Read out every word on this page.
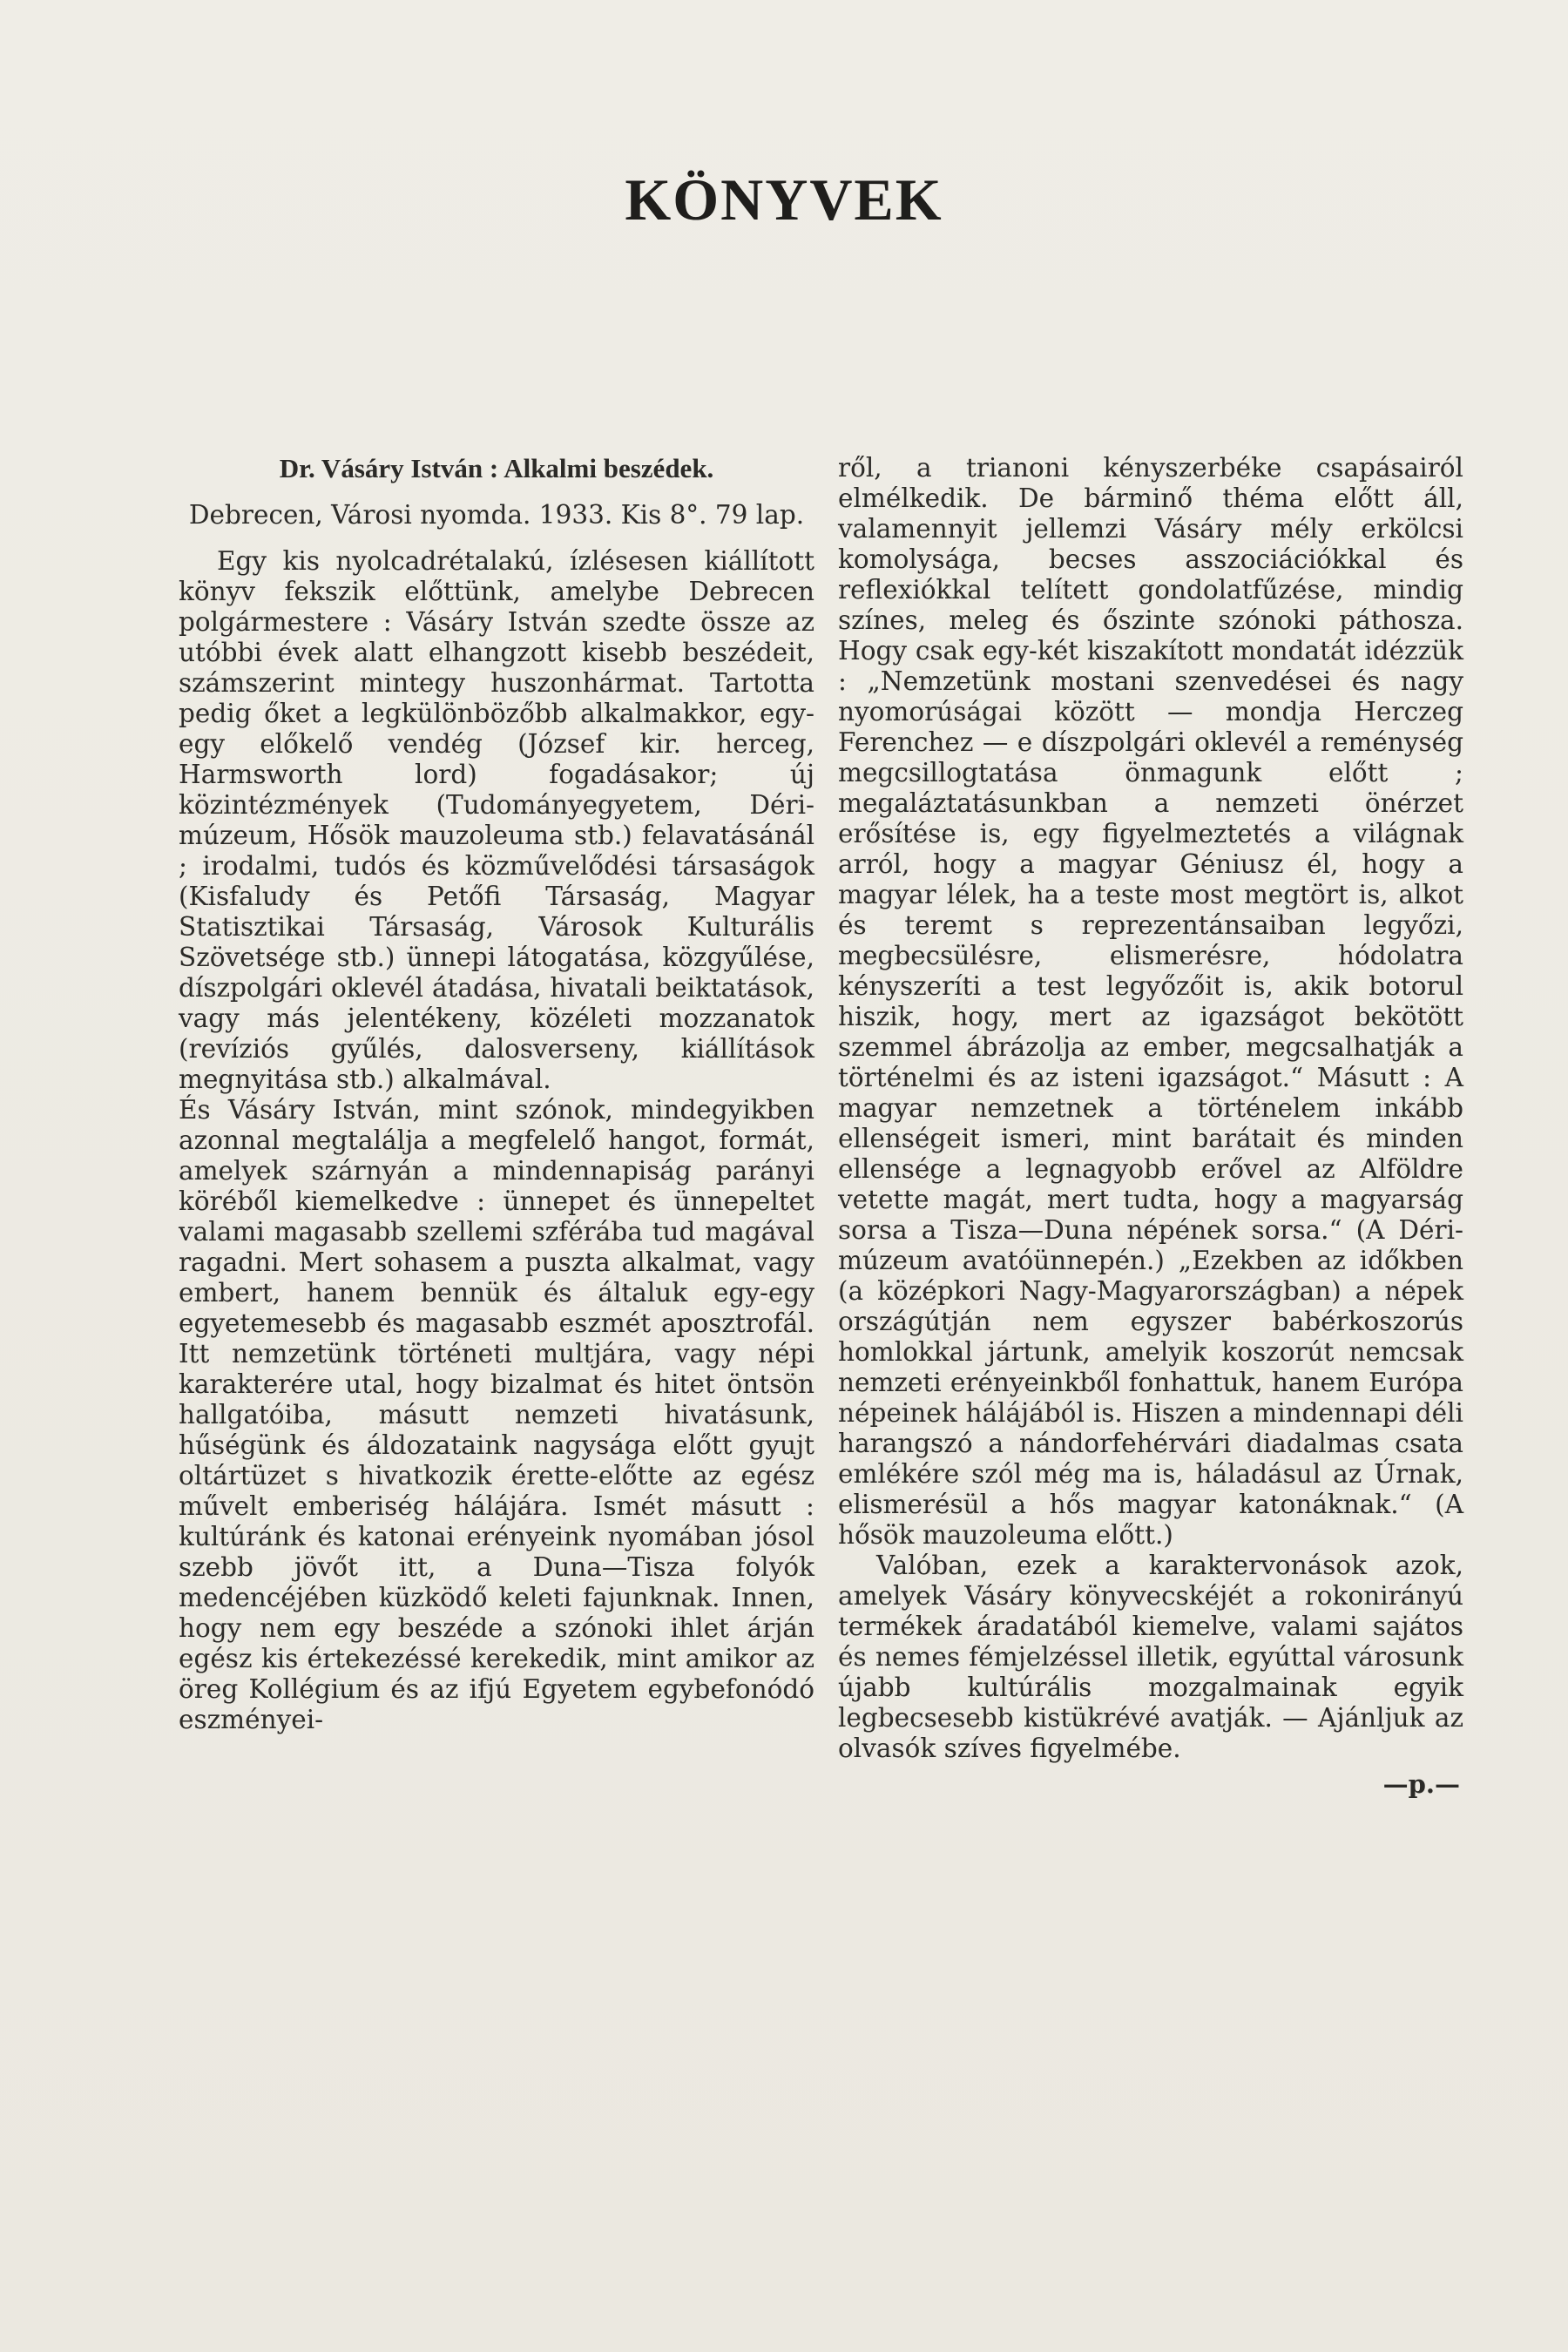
KÖNYVEK
Dr. Vásáry István : Alkalmi beszédek.
Debrecen, Városi nyomda. 1933. Kis 8°. 79 lap.

Egy kis nyolcadrétalakú, ízlésesen kiállított könyv fekszik előttünk, amelybe Debrecen polgármestere : Vásáry István szedte össze az utóbbi évek alatt elhangzott kisebb beszédeit, számszerint mintegy huszonhármat. Tartotta pedig őket a legkülönbözőbb alkalmakkor, egy-egy előkelő vendég (József kir. herceg, Harmsworth lord) fogadásakor; új közintézmények (Tudományegyetem, Déri-múzeum, Hősök mauzoleuma stb.) felavatásánál ; irodalmi, tudós és közművelődési társaságok (Kisfaludy és Petőfi Társaság, Magyar Statisztikai Társaság, Városok Kulturális Szövetsége stb.) ünnepi látogatása, közgyűlése, díszpolgári oklevél átadása, hivatali beiktatások, vagy más jelentékeny, közéleti mozzanatok (revíziós gyűlés, dalosverseny, kiállítások megnyitása stb.) alkalmával.

És Vásáry István, mint szónok, mindegyikben azonnal megtalálja a megfelelő hangot, formát, amelyek szárnyán a mindennapiság parányi köréből kiemelkedve : ünnepet és ünnepeltet valami magasabb szellemi szférába tud magával ragadni. Mert sohasem a puszta alkalmat, vagy embert, hanem bennük és általuk egy-egy egyetemesebb és magasabb eszmét aposztrofál. Itt nemzetünk történeti multjára, vagy népi karakterére utal, hogy bizalmat és hitet öntsön hallgatóiba, másutt nemzeti hivatásunk, hűségünk és áldozataink nagysága előtt gyujt oltártüzet s hivatkozik érette-előtte az egész művelt emberiség hálájára. Ismét másutt : kultúránk és katonai erényeink nyomában jósol szebb jövőt itt, a Duna—Tisza folyók medencéjében küzködő keleti fajunknak. Innen, hogy nem egy beszéde a szónoki ihlet árján egész kis értekezéssé kerekedik, mint amikor az öreg Kollégium és az ifjú Egyetem egybefonódó eszményei-

ről, a trianoni kényszerbéke csapásairól elmélkedik. De bárminő théma előtt áll, valamennyit jellemzi Vásáry mély erkölcsi komolysága, becses asszociációkkal és reflexiókkal telített gondolatfűzése, mindig színes, meleg és őszinte szónoki páthosza. Hogy csak egy-két kiszakított mondatát idézzük : „Nemzetünk mostani szenvedései és nagy nyomorúságai között — mondja Herczeg Ferenchez — e díszpolgári oklevél a reménység megcsillogtatása önmagunk előtt ; megaláztatásunkban a nemzeti önérzet erősítése is, egy figyelmeztetés a világnak arról, hogy a magyar Géniusz él, hogy a magyar lélek, ha a teste most megtört is, alkot és teremt s reprezentánsaiban legyőzi, megbecsülésre, elismerésre, hódolatra kényszeríti a test legyőzőit is, akik botorul hiszik, hogy, mert az igazságot bekötött szemmel ábrázolja az ember, megcsalhatják a történelmi és az isteni igazságot.“ Másutt : A magyar nemzetnek a történelem inkább ellenségeit ismeri, mint barátait és minden ellensége a legnagyobb erővel az Alföldre vetette magát, mert tudta, hogy a magyarság sorsa a Tisza—Duna népének sorsa.“ (A Déri-múzeum avatóünnepén.) „Ezekben az időkben (a középkori Nagy-Magyarországban) a népek országútján nem egyszer babérkoszorús homlokkal jártunk, amelyik koszorút nemcsak nemzeti erényeinkből fonhattuk, hanem Európa népeinek hálájából is. Hiszen a mindennapi déli harangszó a nándorfehérvári diadalmas csata emlékére szól még ma is, háladásul az Úrnak, elismerésül a hős magyar katonáknak.“ (A hősök mauzoleuma előtt.)

Valóban, ezek a karaktervonások azok, amelyek Vásáry könyvecskéjét a rokonirányú termékek áradatából kiemelve, valami sajátos és nemes fémjelzéssel illetik, egyúttal városunk újabb kultúrális mozgalmainak egyik legbecsesebb kistükrévé avatják. — Ajánljuk az olvasók szíves figyelmébe.

—p.—
